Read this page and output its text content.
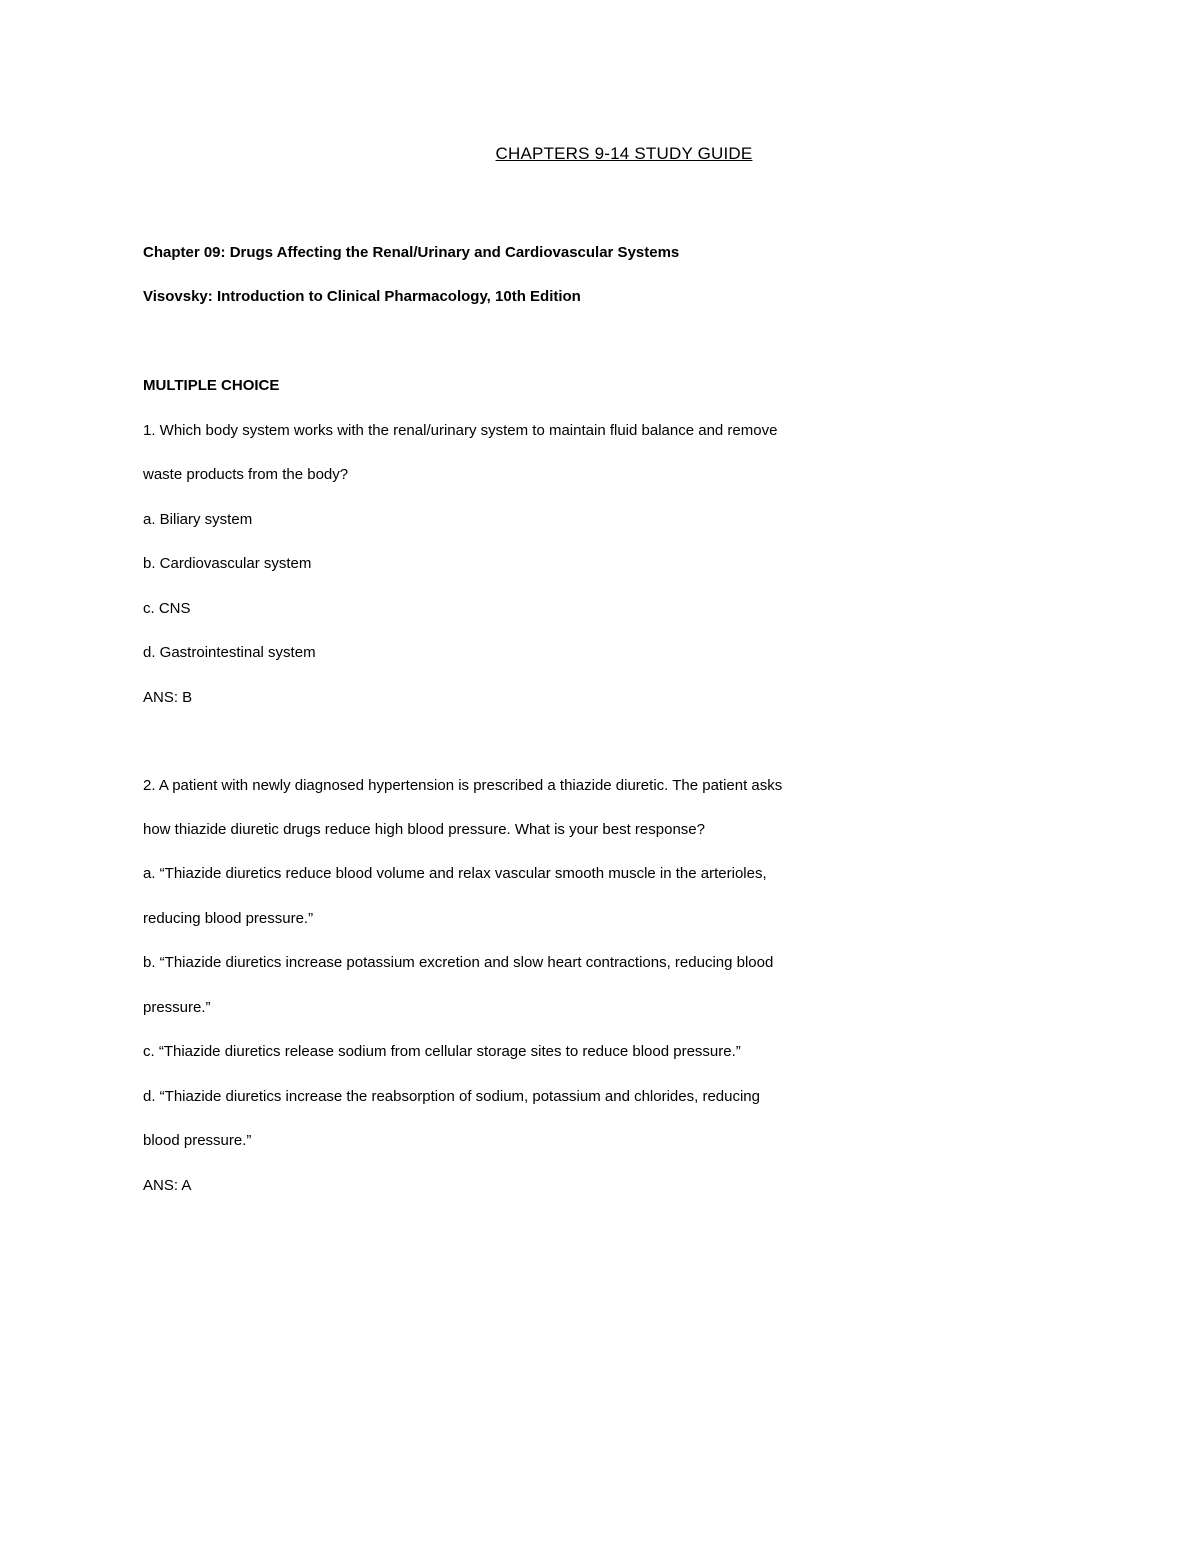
CHAPTERS 9-14 STUDY GUIDE
Chapter 09: Drugs Affecting the Renal/Urinary and Cardiovascular Systems
Visovsky: Introduction to Clinical Pharmacology, 10th Edition
MULTIPLE CHOICE
1. Which body system works with the renal/urinary system to maintain fluid balance and remove
waste products from the body?
a. Biliary system
b. Cardiovascular system
c. CNS
d. Gastrointestinal system
ANS: B
2. A patient with newly diagnosed hypertension is prescribed a thiazide diuretic. The patient asks
how thiazide diuretic drugs reduce high blood pressure. What is your best response?
a. “Thiazide diuretics reduce blood volume and relax vascular smooth muscle in the arterioles,
reducing blood pressure.”
b. “Thiazide diuretics increase potassium excretion and slow heart contractions, reducing blood
pressure.”
c. “Thiazide diuretics release sodium from cellular storage sites to reduce blood pressure.”
d. “Thiazide diuretics increase the reabsorption of sodium, potassium and chlorides, reducing
blood pressure.”
ANS: A
